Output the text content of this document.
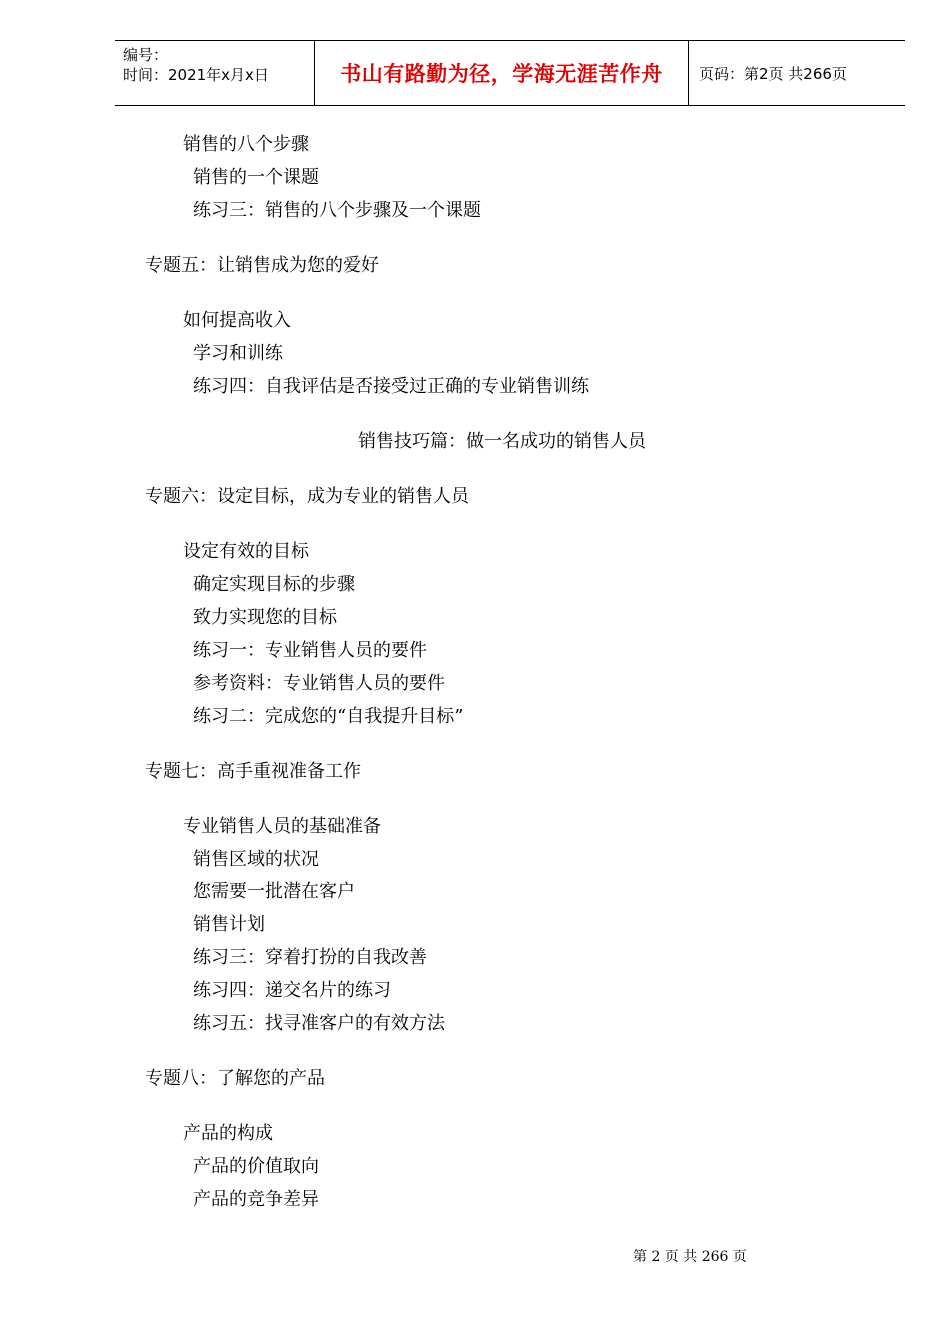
编号：
时间：2021年x月x日	书山有路勤为径，学海无涯苦作舟 页码：第2页 共266页
销售的八个步骤
销售的一个课题
练习三：销售的八个步骤及一个课题
专题五：让销售成为您的爱好
如何提高收入
学习和训练
练习四：自我评估是否接受过正确的专业销售训练
销售技巧篇：做一名成功的销售人员
专题六：设定目标，成为专业的销售人员
设定有效的目标
确定实现目标的步骤
致力实现您的目标
练习一：专业销售人员的要件
参考资料：专业销售人员的要件
练习二：完成您的“自我提升目标”
专题七：高手重视准备工作
专业销售人员的基础准备
销售区域的状况
您需要一批潜在客户
销售计划
练习三：穿着打扮的自我改善
练习四：递交名片的练习
练习五：找寻准客户的有效方法
专题八：了解您的产品
产品的构成
产品的价值取向
产品的竞争差异
第 2 页 共 266 页
